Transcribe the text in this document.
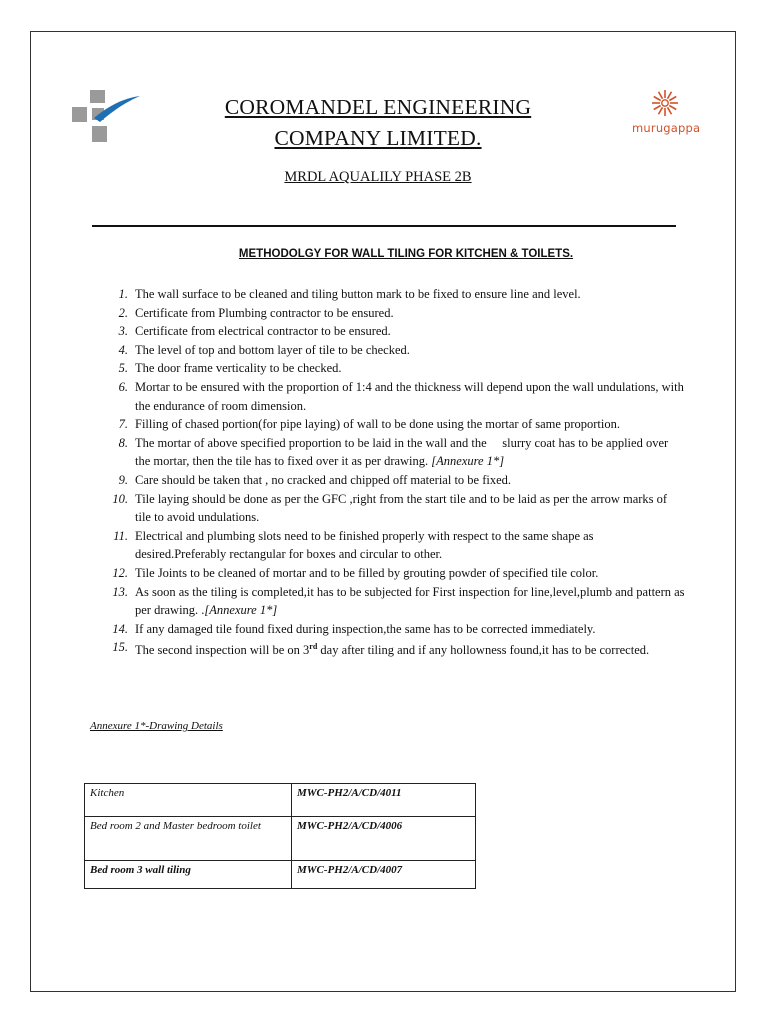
murugappa
COROMANDEL ENGINEERING
COMPANY LIMITED.
MRDL AQUALILY PHASE 2B
METHODOLGY FOR WALL TILING FOR KITCHEN & TOILETS.
1. The wall surface to be cleaned and tiling button mark to be fixed to ensure line and level.
2. Certificate from Plumbing contractor to be ensured.
3. Certificate from electrical contractor to be ensured.
4. The level of top and bottom layer of tile to be checked.
5. The door frame verticality to be checked.
6. Mortar to be ensured with the proportion of 1:4 and the thickness will depend upon the wall undulations, with the endurance of room dimension.
7. Filling of chased portion(for pipe laying) of wall to be done using the mortar of same proportion.
8. The mortar of above specified proportion to be laid in the wall and the     slurry coat has to be applied over the mortar, then the tile has to fixed over it as per drawing. [Annexure 1*]
9. Care should be taken that , no cracked and chipped off material to be fixed.
10. Tile laying should be done as per the GFC ,right from the start tile and to be laid as per the arrow marks of tile to avoid undulations.
11. Electrical and plumbing slots need to be finished properly with respect to the same shape as desired.Preferably rectangular for boxes and circular to other.
12. Tile Joints to be cleaned of mortar and to be filled by grouting powder of specified tile color.
13. As soon as the tiling is completed,it has to be subjected for First inspection for line,level,plumb and pattern as per drawing. .[Annexure 1*]
14. If any damaged tile found fixed during inspection,the same has to be corrected immediately.
15. The second inspection will be on 3rd day after tiling and if any hollowness found,it has to be corrected.
Annexure 1*-Drawing Details
Kitchen	MWC-PH2/A/CD/4011
Bed room 2 and Master bedroom toilet	MWC-PH2/A/CD/4006
Bed room 3 wall tiling	MWC-PH2/A/CD/4007
